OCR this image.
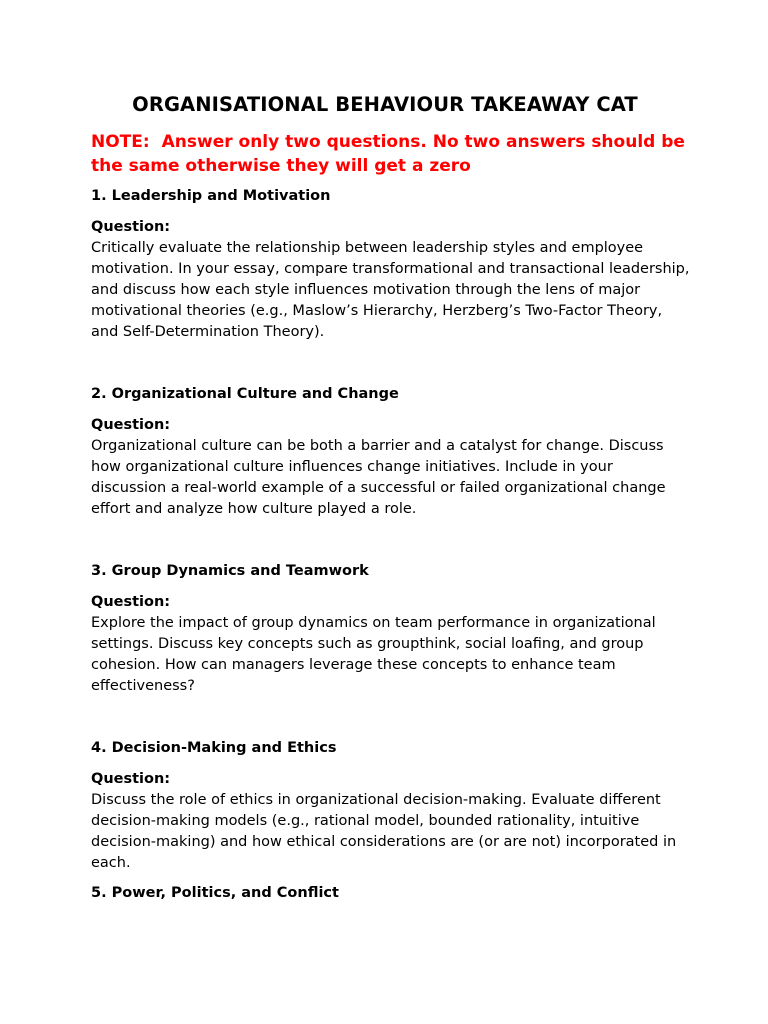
ORGANISATIONAL BEHAVIOUR TAKEAWAY CAT
NOTE: Answer only two questions. No two answers should be the same otherwise they will get a zero
1. Leadership and Motivation
Question:
Critically evaluate the relationship between leadership styles and employee motivation. In your essay, compare transformational and transactional leadership, and discuss how each style influences motivation through the lens of major motivational theories (e.g., Maslow’s Hierarchy, Herzberg’s Two-Factor Theory, and Self-Determination Theory).
2. Organizational Culture and Change
Question:
Organizational culture can be both a barrier and a catalyst for change. Discuss how organizational culture influences change initiatives. Include in your discussion a real-world example of a successful or failed organizational change effort and analyze how culture played a role.
3. Group Dynamics and Teamwork
Question:
Explore the impact of group dynamics on team performance in organizational settings. Discuss key concepts such as groupthink, social loafing, and group cohesion. How can managers leverage these concepts to enhance team effectiveness?
4. Decision-Making and Ethics
Question:
Discuss the role of ethics in organizational decision-making. Evaluate different decision-making models (e.g., rational model, bounded rationality, intuitive decision-making) and how ethical considerations are (or are not) incorporated in each.
5. Power, Politics, and Conflict
